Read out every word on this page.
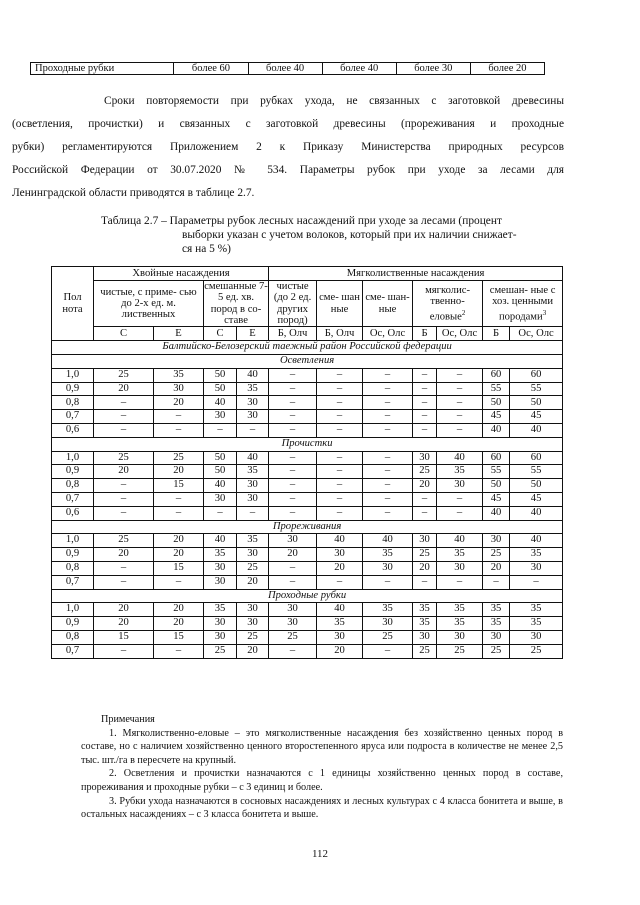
Проходные рубки	более 60	более 40	более 40	более 30	более 20
Сроки повторяемости при рубках ухода, не связанных с заготовкой древесины
(осветления, прочистки) и связанных с заготовкой древесины (прореживания и проходные
рубки) регламентируются Приложением 2 к Приказу Министерства природных ресурсов
Российской Федерации от 30.07.2020 № 534. Параметры рубок при уходе за лесами для
Ленинградской области приводятся в таблице 2.7.
Таблица 2.7 – Параметры рубок лесных насаждений при уходе за лесами (процент
выборки указан с учетом волоков, который при их наличии снижает-
ся на 5 %)
Пол нота	Хвойные насаждения				Мягколиственные насаждения						
	чистые, с приме- сью до 2-х ед. м. лиственных		смешанные 7-5 ед. хв. пород в со- ставе		чистые (до 2 ед. других пород)	сме- шан ные	сме- шан- ные	мягколис- твенно- еловые$^2$		смешан- ные с хоз. ценными породами$^3$
	С	Е	С	Е	Б, Олч	Б, Олч	Ос, Олс	Б	Ос, Олс	Б	Ос, Олс
Балтийско-Белозерский таежный район Российской федерации											
Осветления											
1,0	25	35	50	40	–	–	–	–	–	60	60
0,9	20	30	50	35	–	–	–	–	–	55	55
0,8	–	20	40	30	–	–	–	–	–	50	50
0,7	–	–	30	30	–	–	–	–	–	45	45
0,6	–	–	–	–	–	–	–	–	–	40	40
Прочистки											
1,0	25	25	50	40	–	–	–	30	40	60	60
0,9	20	20	50	35	–	–	–	25	35	55	55
0,8	–	15	40	30	–	–	–	20	30	50	50
0,7	–	–	30	30	–	–	–	–	–	45	45
0,6	–	–	–	–	–	–	–	–	–	40	40
Прореживания											
1,0	25	20	40	35	30	40	40	30	40	30	40
0,9	20	20	35	30	20	30	35	25	35	25	35
0,8	–	15	30	25	–	20	30	20	30	20	30
0,7	–	–	30	20	–	–	–	–	–	–	–
Проходные рубки											
1,0	20	20	35	30	30	40	35	35	35	35	35
0,9	20	20	30	30	30	35	30	35	35	35	35
0,8	15	15	30	25	25	30	25	30	30	30	30
0,7	–	–	25	20	–	20	–	25	25	25	25

Примечания

1. Мягколиственно-еловые – это мягколиственные насаждения без хозяйственно ценных пород в составе, но с наличием хозяйственно ценного второстепенного яруса или подроста в количестве не менее 2,5 тыс. шт./га в пересчете на крупный.

2. Осветления и прочистки назначаются с 1 единицы хозяйственно ценных пород в составе, прореживания и проходные рубки – с 3 единиц и более.

3. Рубки ухода назначаются в сосновых насаждениях и лесных культурах с 4 класса бонитета и выше, в остальных насаждениях – с 3 класса бонитета и выше.

112
